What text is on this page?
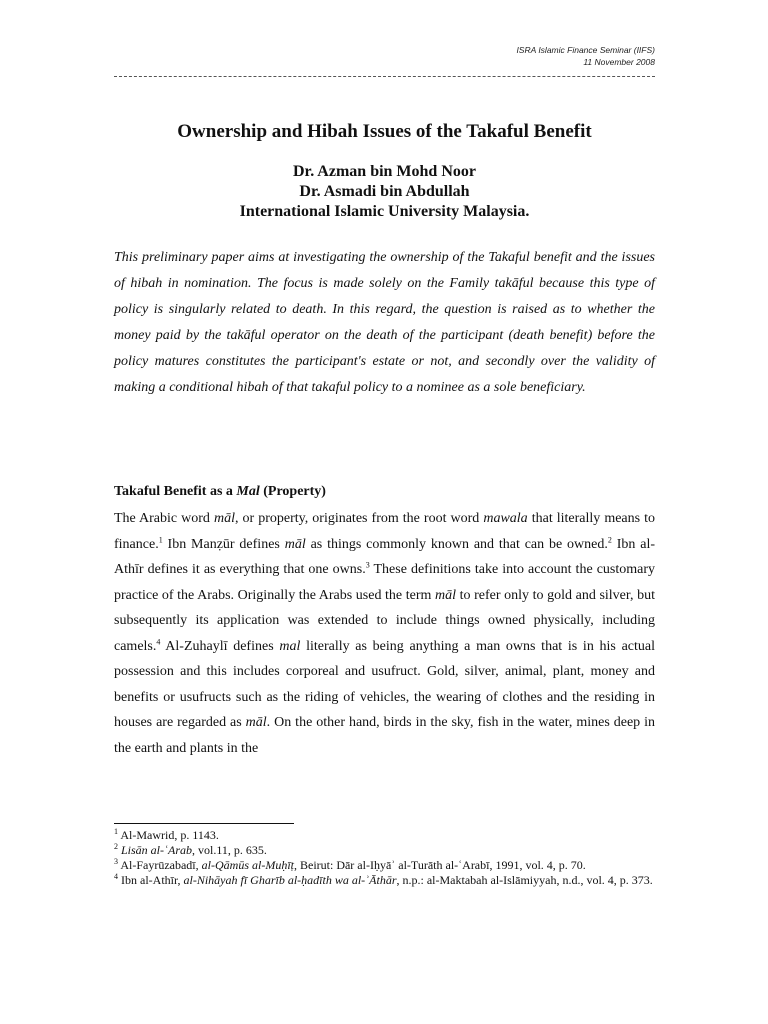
ISRA Islamic Finance Seminar (IIFS)
11 November 2008
Ownership and Hibah Issues of the Takaful Benefit
Dr. Azman bin Mohd Noor
Dr. Asmadi bin Abdullah
International Islamic University Malaysia.

This preliminary paper aims at investigating the ownership of the Takaful benefit and the issues of hibah in nomination. The focus is made solely on the Family takāful because this type of policy is singularly related to death. In this regard, the question is raised as to whether the money paid by the takāful operator on the death of the participant (death benefit) before the policy matures constitutes the participant's estate or not, and secondly over the validity of making a conditional hibah of that takaful policy to a nominee as a sole beneficiary.

Takaful Benefit as a Mal (Property)

The Arabic word māl, or property, originates from the root word mawala that literally means to finance.$^1$ Ibn Manẓūr defines māl as things commonly known and that can be owned.$^2$ Ibn al-Athīr defines it as everything that one owns.$^3$ These definitions take into account the customary practice of the Arabs. Originally the Arabs used the term māl to refer only to gold and silver, but subsequently its application was extended to include things owned physically, including camels.$^4$ Al-Zuhaylī defines mal literally as being anything a man owns that is in his actual possession and this includes corporeal and usufruct. Gold, silver, animal, plant, money and benefits or usufructs such as the riding of vehicles, the wearing of clothes and the residing in houses are regarded as māl. On the other hand, birds in the sky, fish in the water, mines deep in the earth and plants in the

$^1$ Al-Mawrid, p. 1143.

$^2$ Lisān al-ʿArab, vol.11, p. 635.

$^3$ Al-Fayrūzabadī, al-Qāmūs al-Muḥīṭ, Beirut: Dār al-Iḥyāʾ al-Turāth al-ʿArabī, 1991, vol. 4, p. 70.

$^4$ Ibn al-Athīr, al-Nihāyah fī Gharīb al-ḥadīth wa al-ʾĀthār, n.p.: al-Maktabah al-Islāmiyyah, n.d., vol. 4, p. 373.
